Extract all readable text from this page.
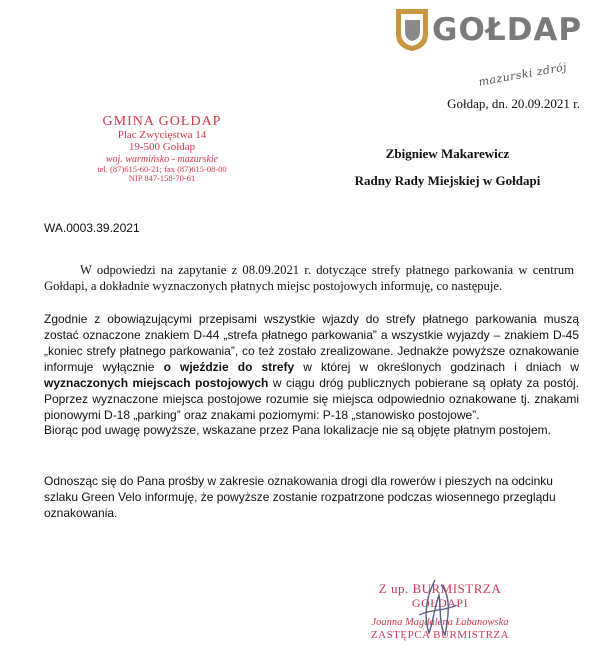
GOŁDAP
mazurski zdrój
Gołdap, dn. 20.09.2021 r.
GMINA GOŁDAP
Plac Zwycięstwa 14
19-500 Gołdap
woj. warmińsko - mazurskie
tel. (87)615-60-21; fax (87)615-08-00
NIP 847-158-70-61
Zbigniew Makarewicz
Radny Rady Miejskiej w Gołdapi
WA.0003.39.2021
W odpowiedzi na zapytanie z 08.09.2021 r. dotyczące strefy płatnego parkowania w centrum Gołdapi, a dokładnie wyznaczonych płatnych miejsc postojowych informuję, co następuje.
Zgodnie z obowiązującymi przepisami wszystkie wjazdy do strefy płatnego parkowania muszą zostać oznaczone znakiem D-44 „strefa płatnego parkowania” a wszystkie wyjazdy – znakiem D-45 „koniec strefy płatnego parkowania”, co też zostało zrealizowane. Jednakże powyższe oznakowanie informuje wyłącznie o wjeździe do strefy w której w określonych godzinach i dniach w wyznaczonych miejscach postojowych w ciągu dróg publicznych pobierane są opłaty za postój. Poprzez wyznaczone miejsca postojowe rozumie się miejsca odpowiednio oznakowane tj. znakami pionowymi D-18 „parking” oraz znakami poziomymi: P-18 „stanowisko postojowe”.
Biorąc pod uwagę powyższe, wskazane przez Pana lokalizacje nie są objęte płatnym postojem.
Odnosząc się do Pana prośby w zakresie oznakowania drogi dla rowerów i pieszych na odcinku szlaku Green Velo informuję, że powyższe zostanie rozpatrzone podczas wiosennego przeglądu oznakowania.
Z up. BURMISTRZA
GOŁDAPI
Joanna Magdalena Łabanowska
ZASTĘPCA BURMISTRZA
